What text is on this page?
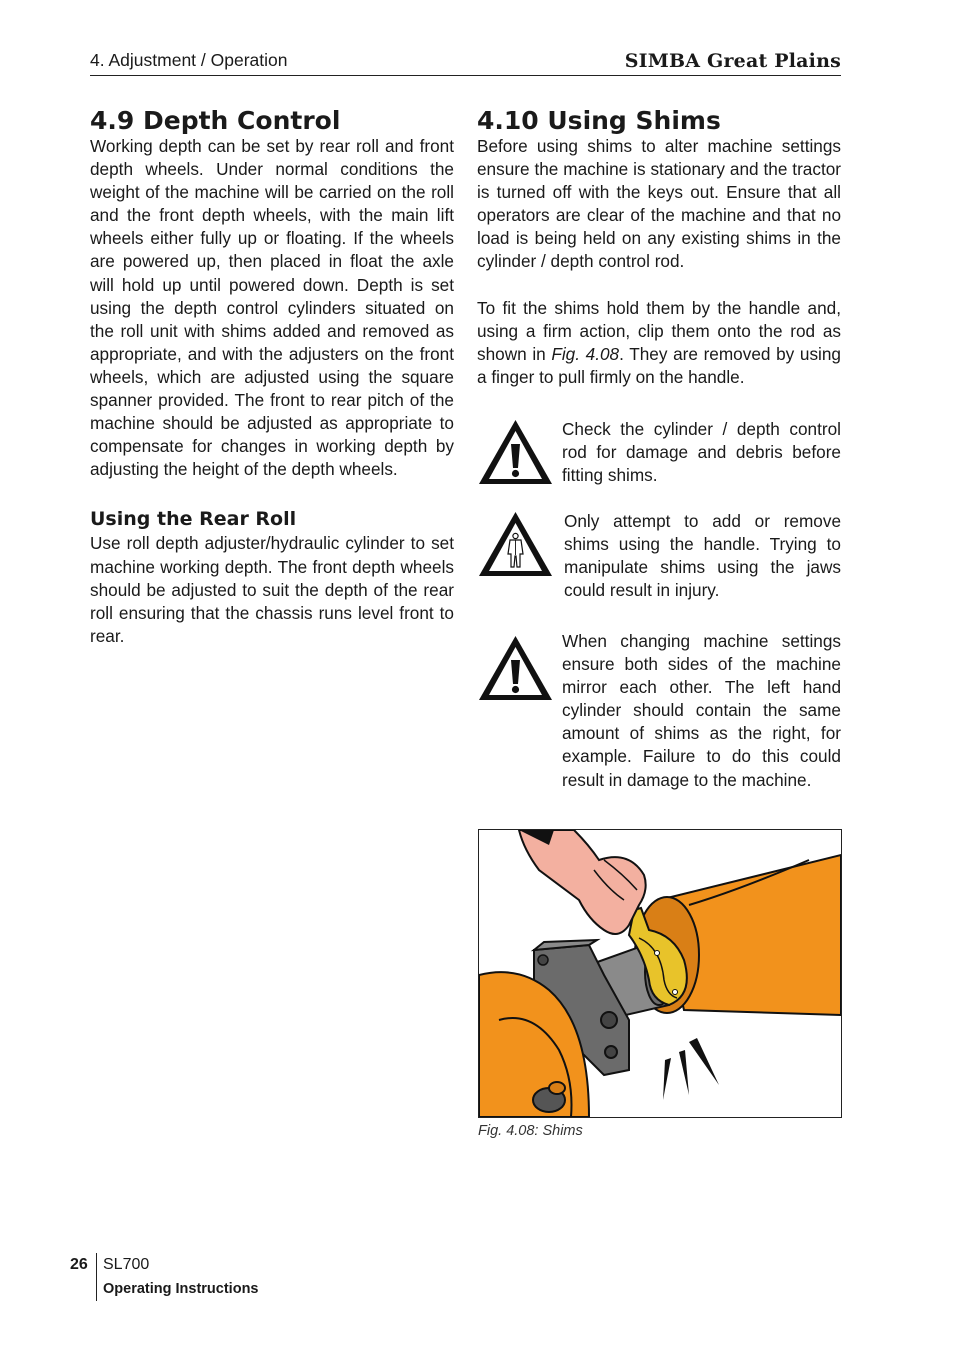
4. Adjustment / Operation	SIMBA Great Plains
4.9 Depth Control

Working depth can be set by rear roll and front depth wheels. Under normal conditions the weight of the machine will be carried on the roll and the front depth wheels, with the main lift wheels either fully up or floating. If the wheels are powered up, then placed in float the axle will hold up until powered down. Depth is set using the depth control cylinders situated on the roll unit with shims added and removed as appropriate, and with the adjusters on the front wheels, which are adjusted using the square spanner provided. The front to rear pitch of the machine should be adjusted as appropriate to compensate for changes in working depth by adjusting the height of the depth wheels.

Using the Rear Roll

Use roll depth adjuster/hydraulic cylinder to set machine working depth. The front depth wheels should be adjusted to suit the depth of the rear roll ensuring that the chassis runs level front to rear.

4.10 Using Shims

Before using shims to alter machine settings ensure the machine is stationary and the tractor is turned off with the keys out. Ensure that all operators are clear of the machine and that no load is being held on any existing shims in the cylinder / depth control rod.

To fit the shims hold them by the handle and, using a firm action, clip them onto the rod as shown in Fig. 4.08. They are removed by using a finger to pull firmly on the handle.

Check the cylinder / depth control rod for damage and debris before fitting shims.
Only attempt to add or remove shims using the handle. Trying to manipulate shims using the jaws could result in injury.
When changing machine settings ensure both sides of the machine mirror each other. The left hand cylinder should contain the same amount of shims as the right, for example. Failure to do this could result in damage to the machine.
Fig. 4.08: Shims
26 SL700
Operating Instructions
